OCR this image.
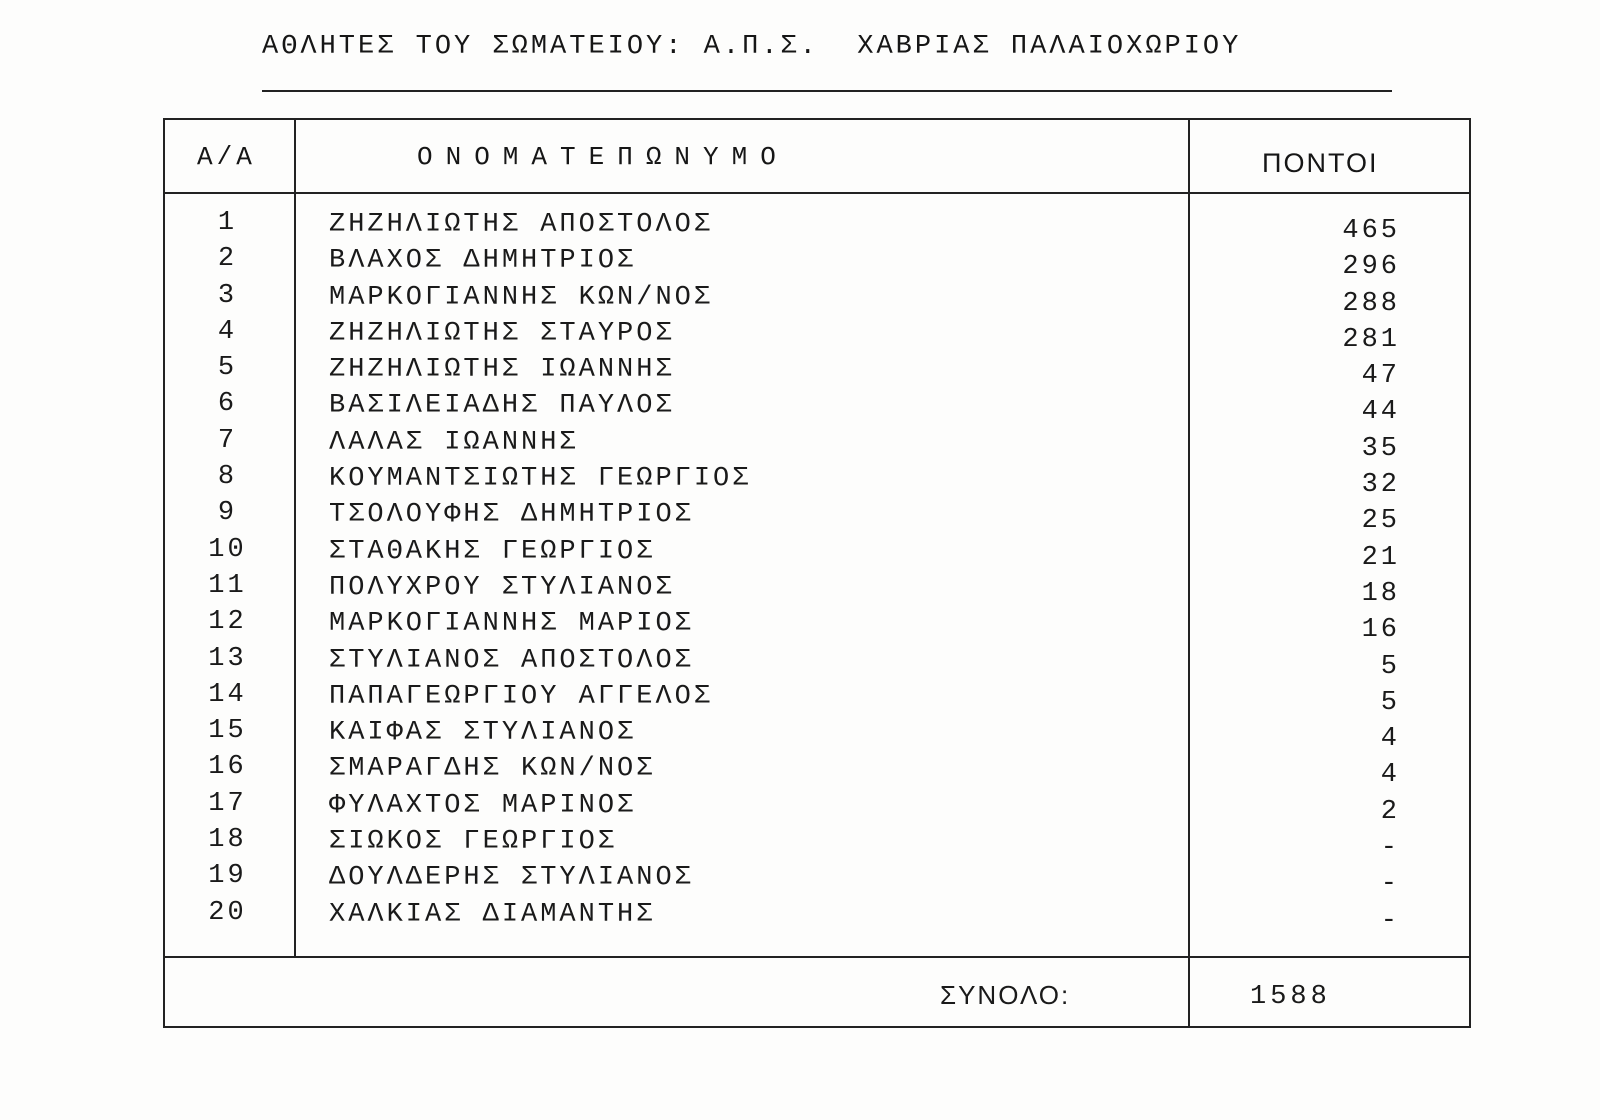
ΑΘΛΗΤΕΣ ΤΟΥ ΣΩΜΑΤΕΙΟΥ: Α.Π.Σ.  ΧΑΒΡΙΑΣ ΠΑΛΑΙΟΧΩΡΙΟΥ
Α/Α	ΟΝΟΜΑΤΕΠΩΝΥΜΟ	ΠΟΝΤΟΙ
1	ΖΗΖΗΛΙΩΤΗΣ ΑΠΟΣΤΟΛΟΣ	465
2	ΒΛΑΧΟΣ ΔΗΜΗΤΡΙΟΣ	296
3	ΜΑΡΚΟΓΙΑΝΝΗΣ ΚΩΝ/ΝΟΣ	288
4	ΖΗΖΗΛΙΩΤΗΣ ΣΤΑΥΡΟΣ	281
5	ΖΗΖΗΛΙΩΤΗΣ ΙΩΑΝΝΗΣ	47
6	ΒΑΣΙΛΕΙΑΔΗΣ ΠΑΥΛΟΣ	44
7	ΛΑΛΑΣ ΙΩΑΝΝΗΣ	35
8	ΚΟΥΜΑΝΤΣΙΩΤΗΣ ΓΕΩΡΓΙΟΣ	32
9	ΤΣΟΛΟΥΦΗΣ ΔΗΜΗΤΡΙΟΣ	25
10	ΣΤΑΘΑΚΗΣ ΓΕΩΡΓΙΟΣ	21
11	ΠΟΛΥΧΡΟΥ ΣΤΥΛΙΑΝΟΣ	18
12	ΜΑΡΚΟΓΙΑΝΝΗΣ ΜΑΡΙΟΣ	16
13	ΣΤΥΛΙΑΝΟΣ ΑΠΟΣΤΟΛΟΣ	5
14	ΠΑΠΑΓΕΩΡΓΙΟΥ ΑΓΓΕΛΟΣ	5
15	ΚΑΙΦΑΣ ΣΤΥΛΙΑΝΟΣ	4
16	ΣΜΑΡΑΓΔΗΣ ΚΩΝ/ΝΟΣ	4
17	ΦΥΛΑΧΤΟΣ ΜΑΡΙΝΟΣ	2
18	ΣΙΩΚΟΣ ΓΕΩΡΓΙΟΣ	-
19	ΔΟΥΛΔΕΡΗΣ ΣΤΥΛΙΑΝΟΣ	-
20	ΧΑΛΚΙΑΣ ΔΙΑΜΑΝΤΗΣ	-
ΣΥΝΟΛΟ:	1588
